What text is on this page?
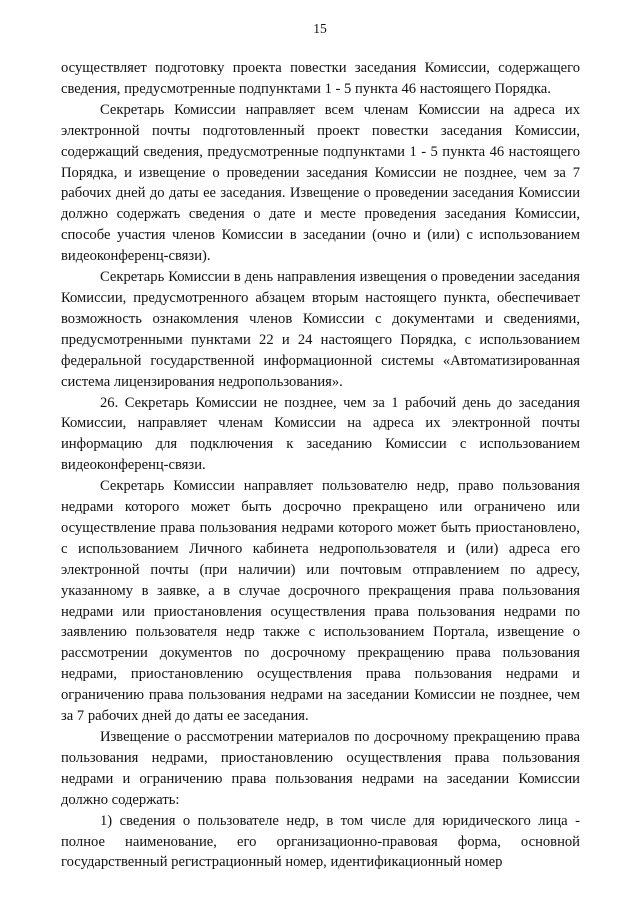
15

осуществляет подготовку проекта повестки заседания Комиссии, содержащего сведения, предусмотренные подпунктами 1 - 5 пункта 46 настоящего Порядка.

Секретарь Комиссии направляет всем членам Комиссии на адреса их электронной почты подготовленный проект повестки заседания Комиссии, содержащий сведения, предусмотренные подпунктами 1 - 5 пункта 46 настоящего Порядка, и извещение о проведении заседания Комиссии не позднее, чем за 7 рабочих дней до даты ее заседания. Извещение о проведении заседания Комиссии должно содержать сведения о дате и месте проведения заседания Комиссии, способе участия членов Комиссии в заседании (очно и (или) с использованием видеоконференц-связи).

Секретарь Комиссии в день направления извещения о проведении заседания Комиссии, предусмотренного абзацем вторым настоящего пункта, обеспечивает возможность ознакомления членов Комиссии с документами и сведениями, предусмотренными пунктами 22 и 24 настоящего Порядка, с использованием федеральной государственной информационной системы «Автоматизированная система лицензирования недропользования».

26. Секретарь Комиссии не позднее, чем за 1 рабочий день до заседания Комиссии, направляет членам Комиссии на адреса их электронной почты информацию для подключения к заседанию Комиссии с использованием видеоконференц-связи.

Секретарь Комиссии направляет пользователю недр, право пользования недрами которого может быть досрочно прекращено или ограничено или осуществление права пользования недрами которого может быть приостановлено, с использованием Личного кабинета недропользователя и (или) адреса его электронной почты (при наличии) или почтовым отправлением по адресу, указанному в заявке, а в случае досрочного прекращения права пользования недрами или приостановления осуществления права пользования недрами по заявлению пользователя недр также с использованием Портала, извещение о рассмотрении документов по досрочному прекращению права пользования недрами, приостановлению осуществления права пользования недрами и ограничению права пользования недрами на заседании Комиссии не позднее, чем за 7 рабочих дней до даты ее заседания.

Извещение о рассмотрении материалов по досрочному прекращению права пользования недрами, приостановлению осуществления права пользования недрами и ограничению права пользования недрами на заседании Комиссии должно содержать:

1) сведения о пользователе недр, в том числе для юридического лица - полное наименование, его организационно-правовая форма, основной государственный регистрационный номер, идентификационный номер
